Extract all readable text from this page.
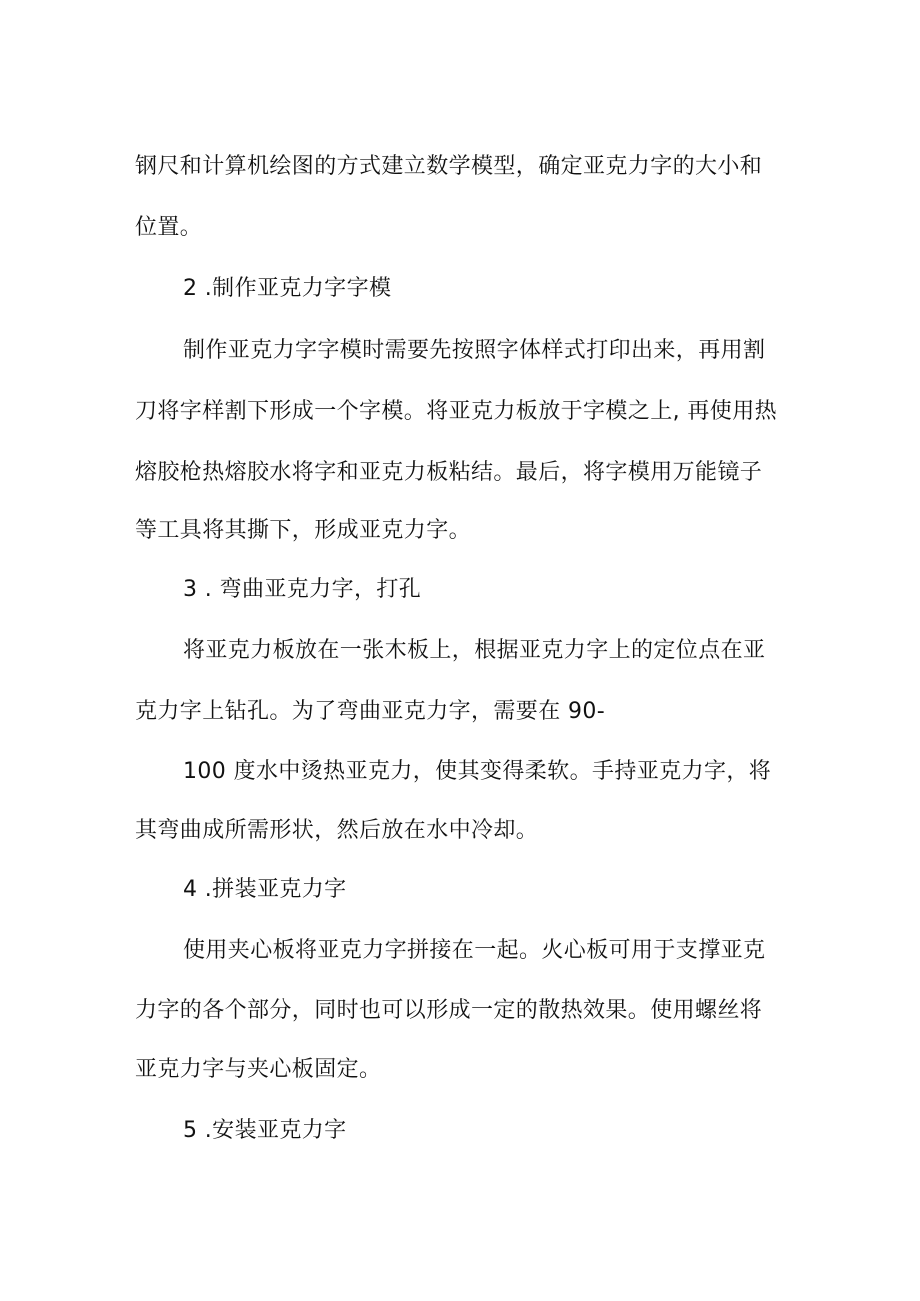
钢尺和计算机绘图的方式建立数学模型，确定亚克力字的大小和
位置。
2 .制作亚克力字字模
制作亚克力字字模时需要先按照字体样式打印出来，再用割
刀将字样割下形成一个字模。将亚克力板放于字模之上, 再使用热
熔胶枪热熔胶水将字和亚克力板粘结。最后，将字模用万能镜子
等工具将其撕下，形成亚克力字。
3 . 弯曲亚克力字，打孔
将亚克力板放在一张木板上，根据亚克力字上的定位点在亚
克力字上钻孔。为了弯曲亚克力字，需要在 90-
100 度水中烫热亚克力，使其变得柔软。手持亚克力字，将
其弯曲成所需形状，然后放在水中冷却。
4 .拼装亚克力字
使用夹心板将亚克力字拼接在一起。火心板可用于支撑亚克
力字的各个部分，同时也可以形成一定的散热效果。使用螺丝将
亚克力字与夹心板固定。
5 .安装亚克力字
